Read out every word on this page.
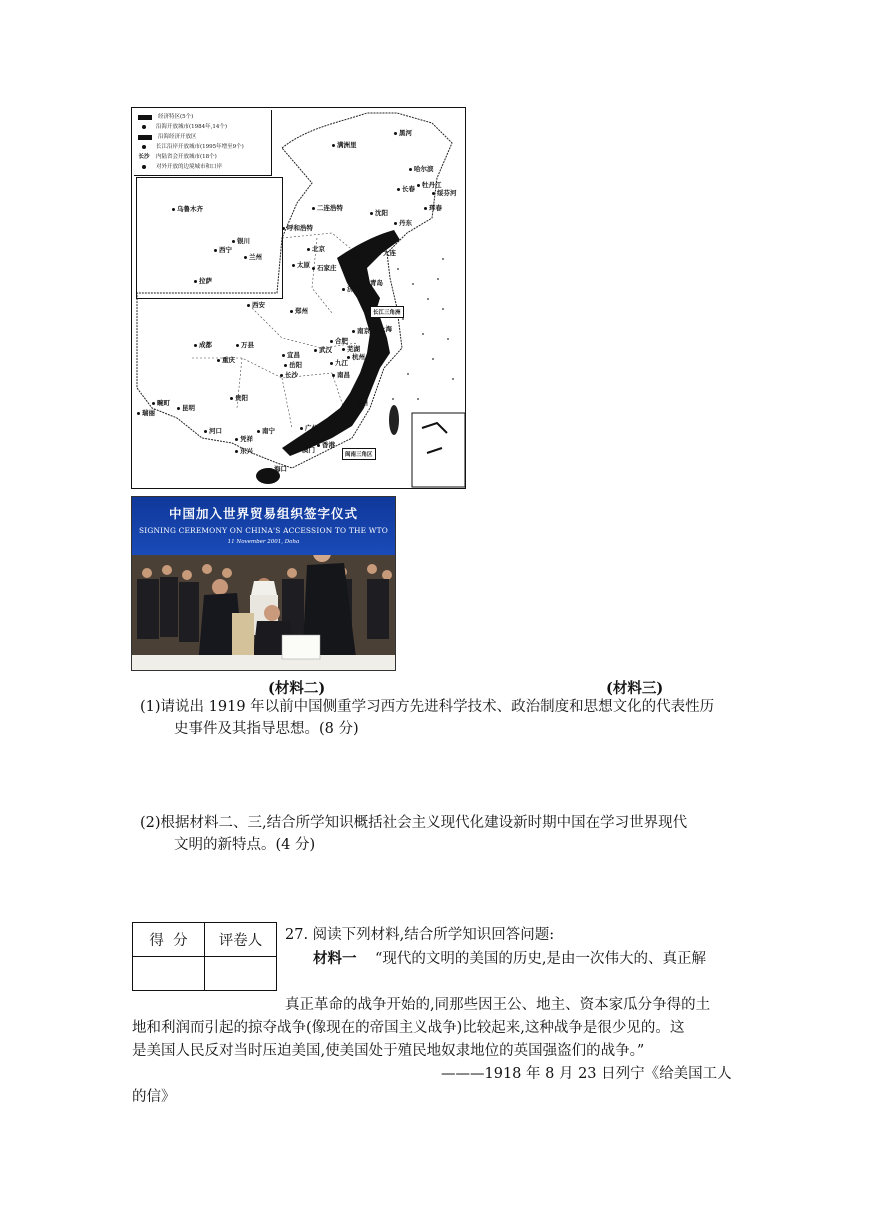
经济特区(5个)
沿海开放城市(1984年,14个)
沿海经济开放区
长江沿岸开放城市(1995年增至9个)
长沙 内陆省会开放城市(18个)
对外开放的边境城市和口岸
乌鲁木齐
银川
兰州
西宁
拉萨
呼和浩特
北京
天津
太原	石家庄
济南
沈阳
长春
哈尔滨
牡丹江
大连
青岛
西安
郑州
合肥
武汉
南京	上海
杭州
南昌
长沙
福州
成都
重庆
贵阳
昆明
南宁	广州
香港
澳门
海口
河口
凭祥
东兴
万县
宜昌
岳阳	九江
芜湖
黑河
满洲里
绥芬河
珲春
丹东
二连浩特
瑞丽
畹町
长江三角洲
闽南三角区
中国加入世界贸易组织签字仪式
SIGNING CEREMONY ON CHINA'S ACCESSION TO THE WTO
11 November 2001, Doha
(材料二)	(材料三)
(1)请说出 1919 年以前中国侧重学习西方先进科学技术、政治制度和思想文化的代表性历
史事件及其指导思想。(8 分)
(2)根据材料二、三,结合所学知识概括社会主义现代化建设新时期中国在学习世界现代
文明的新特点。(4 分)
得  分	评卷人
	27. 阅读下列材料,结合所学知识回答问题:
材料一 “现代的文明的美国的历史,是由一次伟大的、真正解
真正革命的战争开始的,同那些因王公、地主、资本家瓜分争得的土
地和利润而引起的掠夺战争(像现在的帝国主义战争)比较起来,这种战争是很少见的。这
是美国人民反对当时压迫美国,使美国处于殖民地奴隶地位的英国强盗们的战争。”
———1918 年 8 月 23 日列宁《给美国工人
的信》
